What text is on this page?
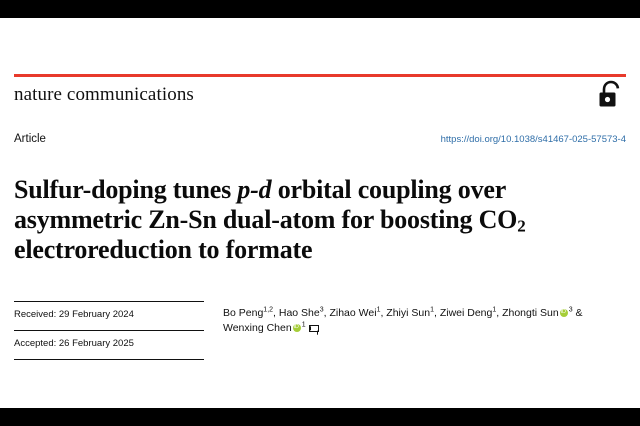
nature communications
Article	https://doi.org/10.1038/s41467-025-57573-4
Sulfur-doping tunes p-d orbital coupling over asymmetric Zn-Sn dual-atom for boosting $CO_2$ electroreduction to formate
Received: 29 February 2024
Accepted: 26 February 2025
Bo Peng$^{1,2}$, Hao She$^3$, Zihao Wei$^1$, Zhiyi Sun$^1$, Ziwei Deng$^1$, Zhongti Sun iD $^3$ &
Wenxing Chen iD $^1$
